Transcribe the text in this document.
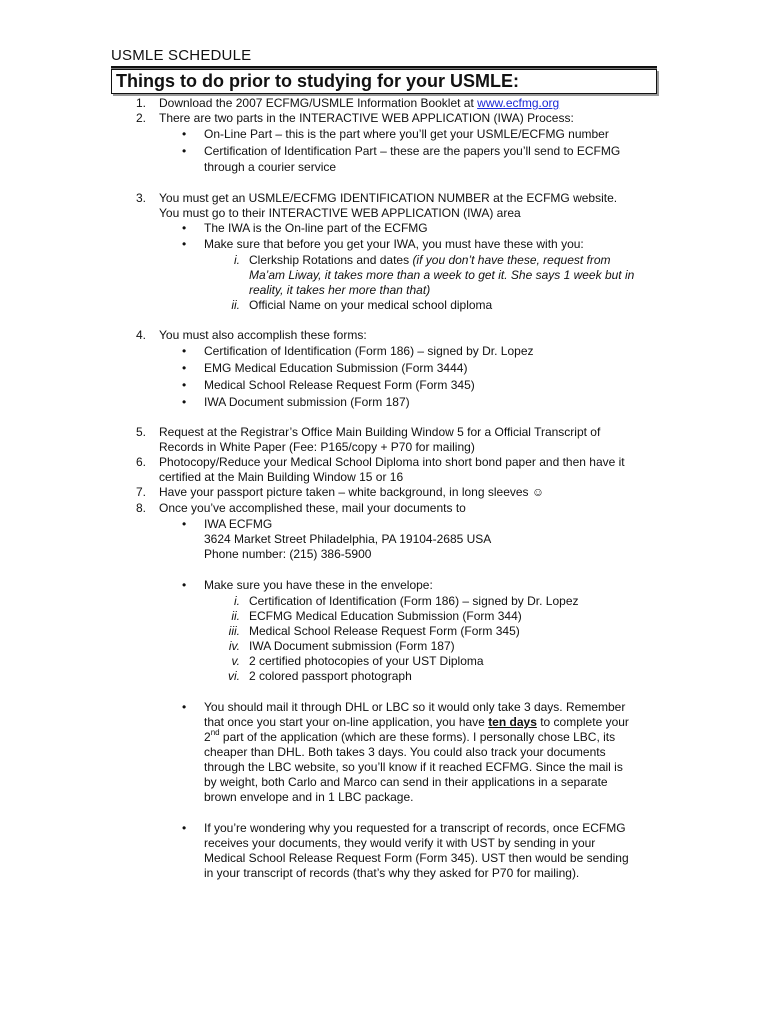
USMLE SCHEDULE
Things to do prior to studying for your USMLE:
1. Download the 2007 ECFMG/USMLE Information Booklet at www.ecfmg.org
2. There are two parts in the INTERACTIVE WEB APPLICATION (IWA) Process:
• On-Line Part – this is the part where you’ll get your USMLE/ECFMG number
• Certification of Identification Part – these are the papers you’ll send to ECFMG
through a courier service
3. You must get an USMLE/ECFMG IDENTIFICATION NUMBER at the ECFMG website.
You must go to their INTERACTIVE WEB APPLICATION (IWA) area
• The IWA is the On-line part of the ECFMG
• Make sure that before you get your IWA, you must have these with you:
i. Clerkship Rotations and dates (if you don’t have these, request from
Ma’am Liway, it takes more than a week to get it. She says 1 week but in
reality, it takes her more than that)
ii. Official Name on your medical school diploma
4. You must also accomplish these forms:
• Certification of Identification (Form 186) – signed by Dr. Lopez
• EMG Medical Education Submission (Form 3444)
• Medical School Release Request Form (Form 345)
• IWA Document submission (Form 187)
5. Request at the Registrar’s Office Main Building Window 5 for a Official Transcript of
Records in White Paper (Fee: P165/copy + P70 for mailing)
6. Photocopy/Reduce your Medical School Diploma into short bond paper and then have it
certified at the Main Building Window 15 or 16
7. Have your passport picture taken – white background, in long sleeves ☺
8. Once you’ve accomplished these, mail your documents to
• IWA ECFMG
3624 Market Street Philadelphia, PA 19104-2685 USA
Phone number: (215) 386-5900
• Make sure you have these in the envelope:
i. Certification of Identification (Form 186) – signed by Dr. Lopez
ii. ECFMG Medical Education Submission (Form 344)
iii. Medical School Release Request Form (Form 345)
iv. IWA Document submission (Form 187)
v. 2 certified photocopies of your UST Diploma
vi. 2 colored passport photograph
• You should mail it through DHL or LBC so it would only take 3 days. Remember
that once you start your on-line application, you have ten days to complete your
2nd part of the application (which are these forms). I personally chose LBC, its
cheaper than DHL. Both takes 3 days. You could also track your documents
through the LBC website, so you’ll know if it reached ECFMG. Since the mail is
by weight, both Carlo and Marco can send in their applications in a separate
brown envelope and in 1 LBC package.
• If you’re wondering why you requested for a transcript of records, once ECFMG
receives your documents, they would verify it with UST by sending in your
Medical School Release Request Form (Form 345). UST then would be sending
in your transcript of records (that’s why they asked for P70 for mailing).
